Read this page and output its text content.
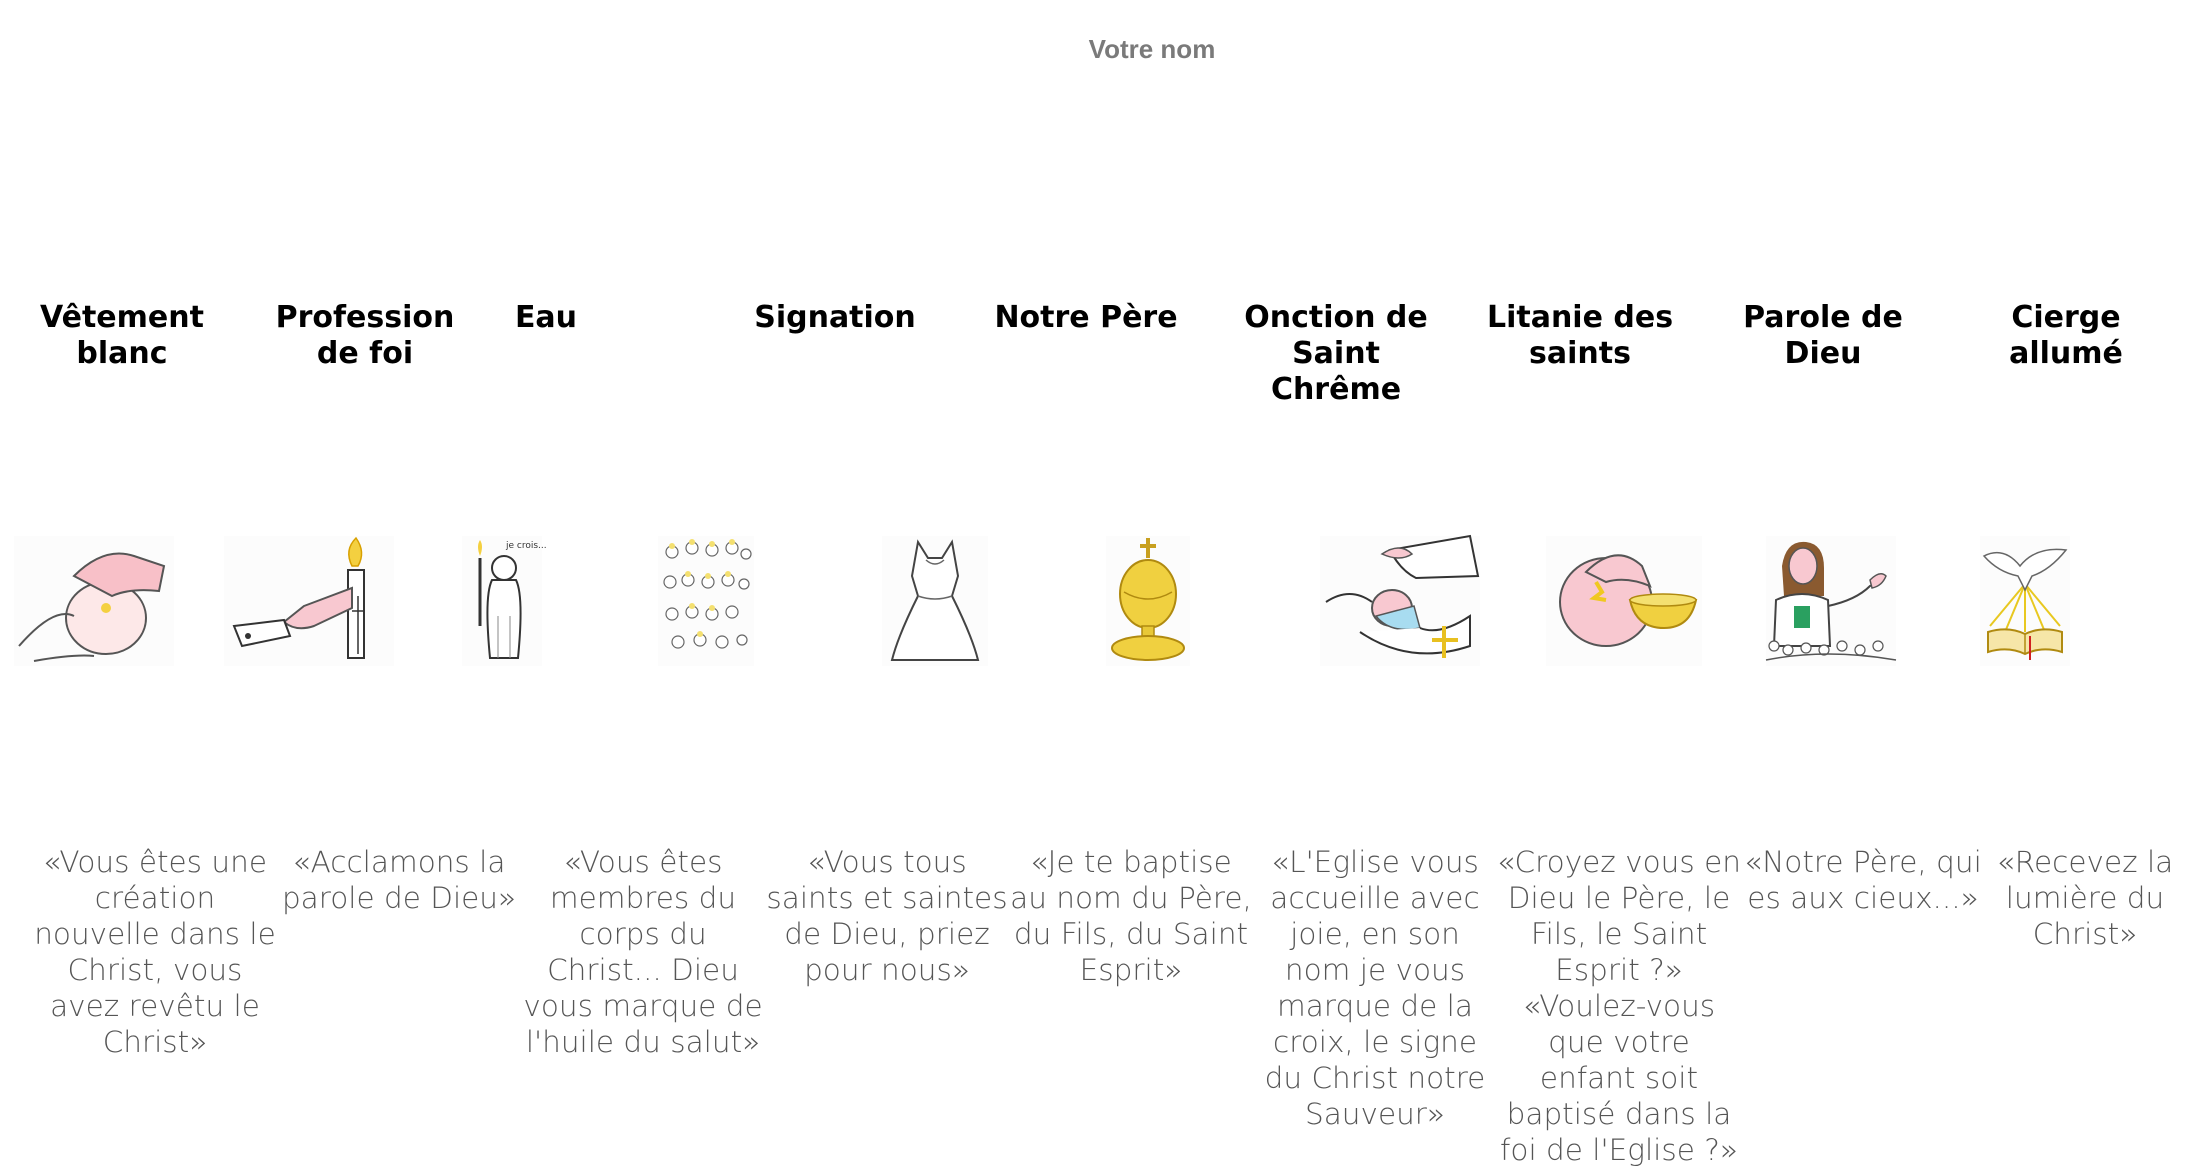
Votre nom
Vêtement blanc
Profession de foi
Eau	Signation	Notre Père Onction de Saint Chrême
Litanie des saints
Parole de Dieu
Cierge allumé
je crois...
«Vous êtes une création nouvelle dans le Christ, vous avez revêtu le Christ»
«Acclamons la parole de Dieu»
«Vous êtes membres du corps du Christ... Dieu vous marque de l'huile du salut»
«Vous tous saints et saintes de Dieu, priez pour nous»
«Je te baptise au nom du Père, du Fils, du Saint Esprit»
«L'Eglise vous accueille avec joie, en son nom je vous marque de la croix, le signe du Christ notre Sauveur»
«Croyez vous en Dieu le Père, le Fils, le Saint Esprit ?» «Voulez-vous que votre enfant soit baptisé dans la foi de l'Eglise ?»
«Notre Père, qui es aux cieux...»
«Recevez la lumière du Christ»
